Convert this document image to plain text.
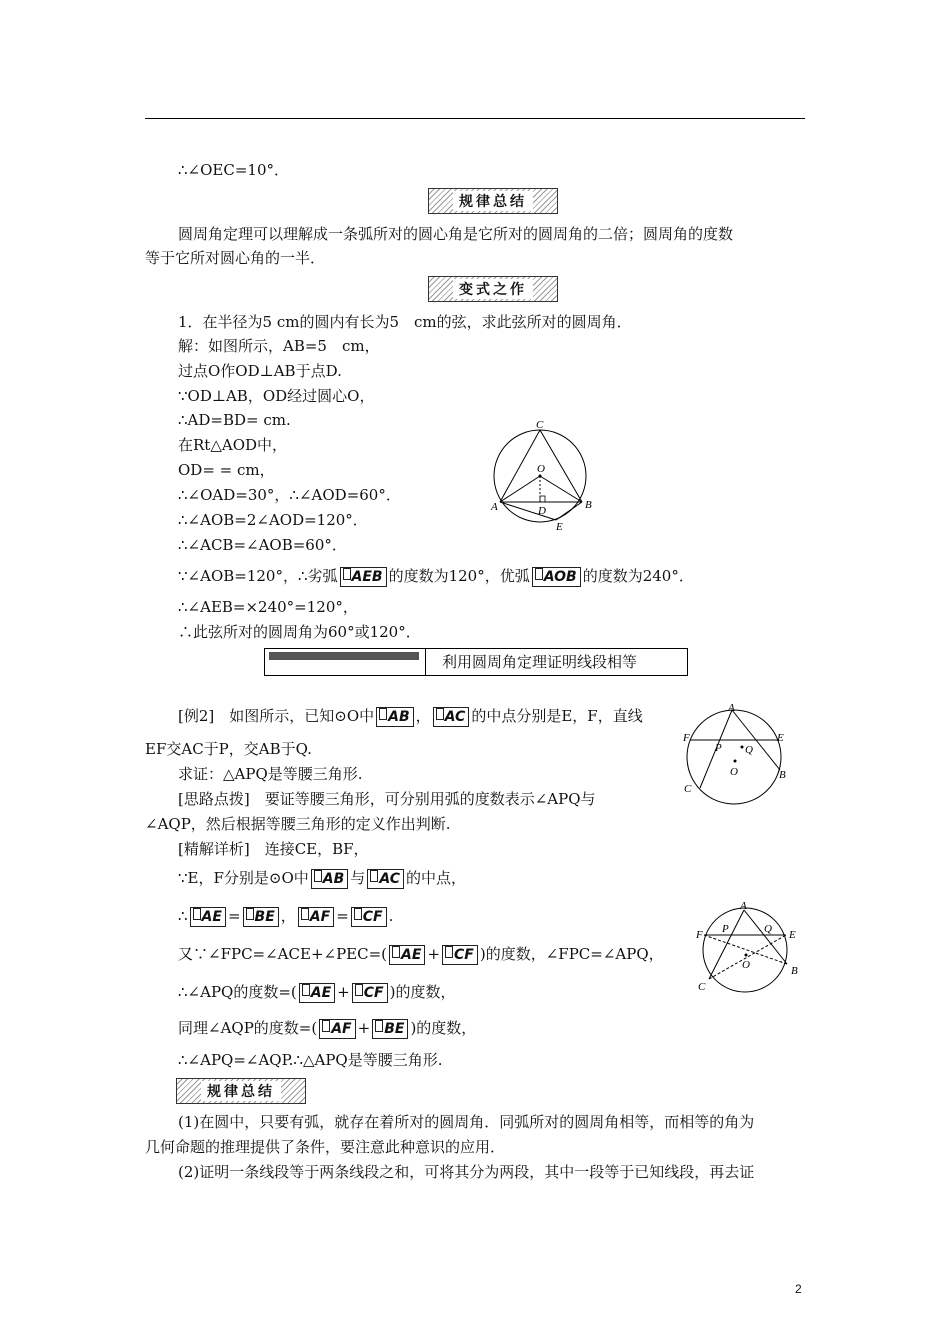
∴∠OEC=10°．
规律总结
圆周角定理可以理解成一条弧所对的圆心角是它所对的圆周角的二倍；圆周角的度数
等于它所对圆心角的一半．
变式之作
1．在半径为5 cm的圆内有长为5　cm的弦，求此弦所对的圆周角．
解：如图所示，AB=5　cm，
过点O作OD⊥AB于点D.
∵OD⊥AB，OD经过圆心O，
∴AD=BD= cm.
在Rt△AOD中，
OD= = cm，
∴∠OAD=30°，∴∠AOD=60°．
∴∠AOB=2∠AOD=120°．
∴∠ACB=∠AOB=60°．
∵∠AOB=120°，∴劣弧 AEB 的度数为120°，优弧 AOB 的度数为240°．
∴∠AEB=×240°=120°，
∴此弦所对的圆周角为60°或120°．
C
O
A	B
D
E
利用圆周角定理证明线段相等
[例2]　如图所示，已知⊙O中 AB ， AC 的中点分别是E，F，直线
EF交AC于P，交AB于Q.
求证：△APQ是等腰三角形.
[思路点拨]　要证等腰三角形，可分别用弧的度数表示∠APQ与
∠AQP，然后根据等腰三角形的定义作出判断.
[精解详析]　连接CE，BF，
∵E，F分别是⊙O中 AB 与 AC 的中点，
∴ AE = BE ， AF = CF .
又∵∠FPC=∠ACE+∠PEC=( AE + CF )的度数，∠FPC=∠APQ，
∴∠APQ的度数=( AE + CF )的度数，
同理∠AQP的度数=( AF + BE )的度数，
∴∠APQ=∠AQP.∴△APQ是等腰三角形.
A
F
P Q
E
O
C
B
A
P	Q
F	E
O
C
B
规律总结
(1)在圆中，只要有弧，就存在着所对的圆周角．同弧所对的圆周角相等，而相等的角为
几何命题的推理提供了条件，要注意此种意识的应用．
(2)证明一条线段等于两条线段之和，可将其分为两段，其中一段等于已知线段，再去证
2
